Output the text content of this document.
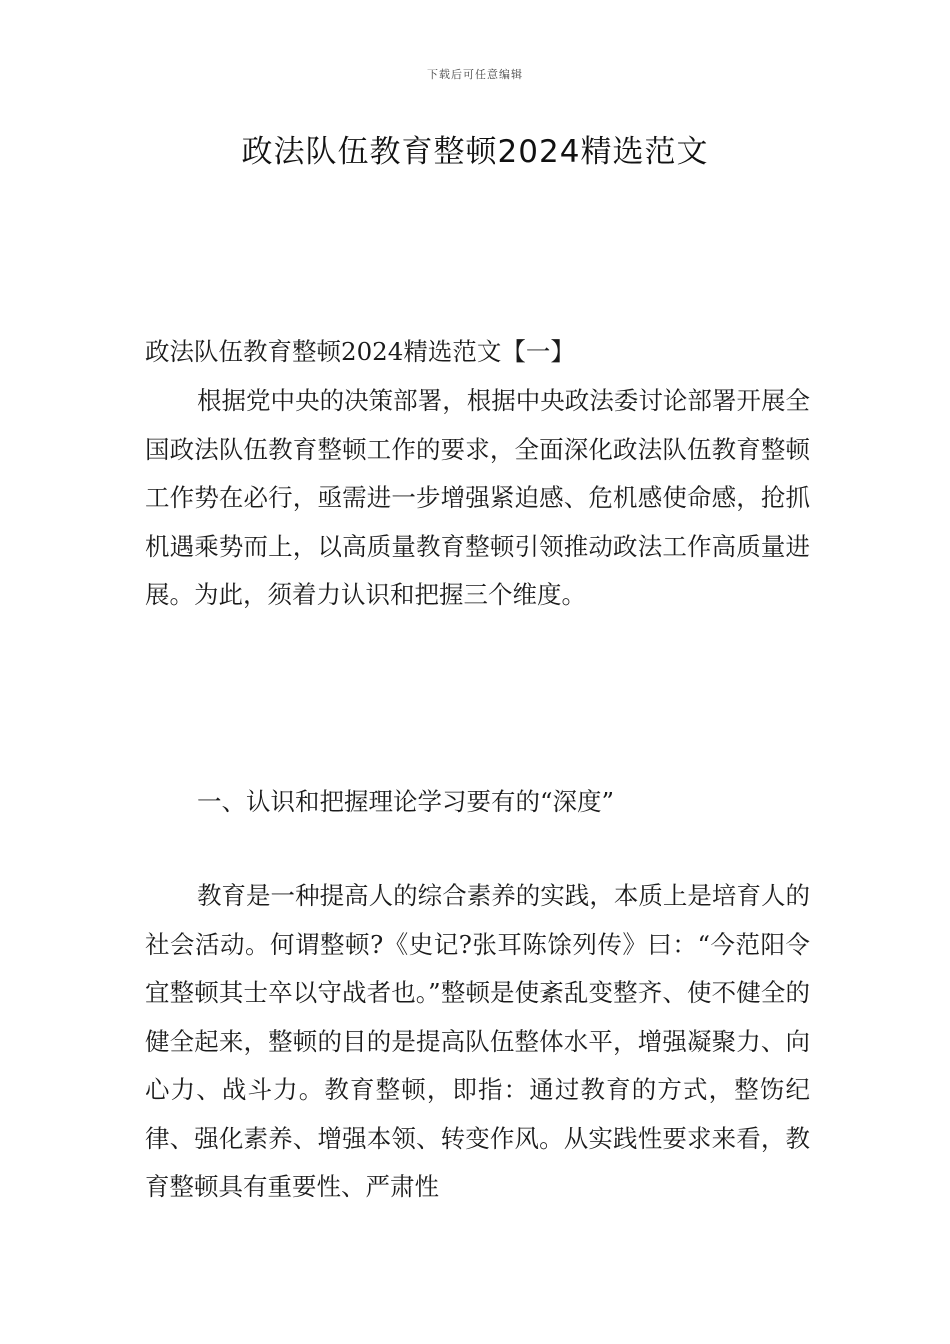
下载后可任意编辑
政法队伍教育整顿2024精选范文
政法队伍教育整顿2024精选范文【一】

根据党中央的决策部署，根据中央政法委讨论部署开展全国政法队伍教育整顿工作的要求，全面深化政法队伍教育整顿工作势在必行，亟需进一步增强紧迫感、危机感使命感，抢抓机遇乘势而上，以高质量教育整顿引领推动政法工作高质量进展。为此，须着力认识和把握三个维度。

一、认识和把握理论学习要有的“深度”

教育是一种提高人的综合素养的实践，本质上是培育人的社会活动。何谓整顿?《史记?张耳陈馀列传》曰：“今范阳令宜整顿其士卒以守战者也。”整顿是使紊乱变整齐、使不健全的健全起来，整顿的目的是提高队伍整体水平，增强凝聚力、向心力、战斗力。教育整顿，即指：通过教育的方式，整饬纪律、强化素养、增强本领、转变作风。从实践性要求来看，教育整顿具有重要性、严肃性
